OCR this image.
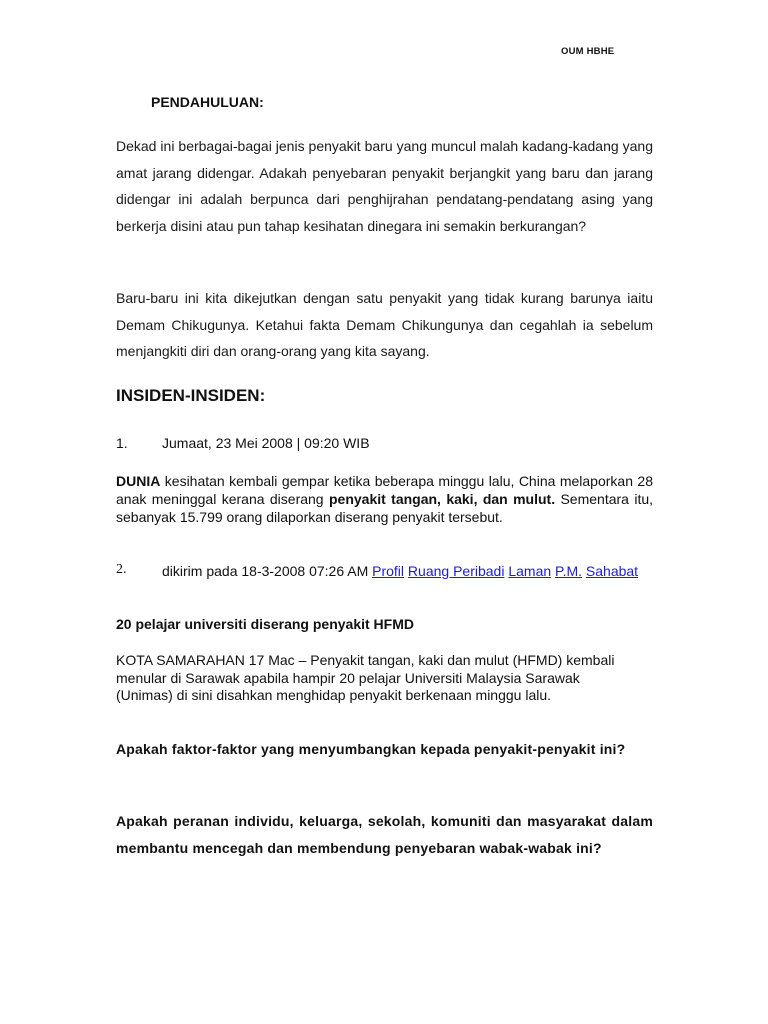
OUM HBHE
PENDAHULUAN:
Dekad ini berbagai-bagai jenis penyakit baru yang muncul malah kadang-kadang yang amat jarang didengar. Adakah penyebaran penyakit berjangkit yang baru dan jarang didengar ini adalah berpunca dari penghijrahan pendatang-pendatang asing yang berkerja disini atau pun tahap kesihatan dinegara ini semakin berkurangan?
Baru-baru ini kita dikejutkan dengan satu penyakit yang tidak kurang barunya iaitu Demam Chikugunya. Ketahui fakta Demam Chikungunya dan cegahlah ia sebelum menjangkiti diri dan orang-orang yang kita sayang.
INSIDEN-INSIDEN:
1. Jumaat, 23 Mei 2008 | 09:20 WIB
DUNIA kesihatan kembali gempar ketika beberapa minggu lalu, China melaporkan 28 anak meninggal kerana diserang penyakit tangan, kaki, dan mulut. Sementara itu, sebanyak 15.799 orang dilaporkan diserang penyakit tersebut.
2.	dikirim pada 18-3-2008 07:26 AM Profil Ruang Peribadi Laman P.M. Sahabat
20 pelajar universiti diserang penyakit HFMD
KOTA SAMARAHAN 17 Mac – Penyakit tangan, kaki dan mulut (HFMD) kembali menular di Sarawak apabila hampir 20 pelajar Universiti Malaysia Sarawak (Unimas) di sini disahkan menghidap penyakit berkenaan minggu lalu.
Apakah faktor-faktor yang menyumbangkan kepada penyakit-penyakit ini?
Apakah peranan individu, keluarga, sekolah, komuniti dan masyarakat dalam membantu mencegah dan membendung penyebaran wabak-wabak ini?
